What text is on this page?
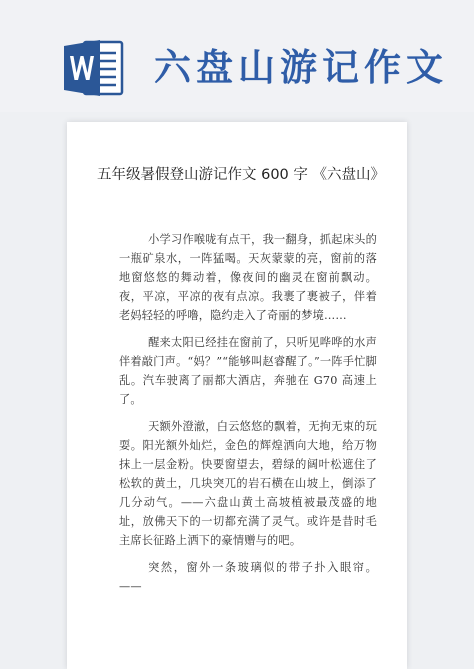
六盘山游记作文
五年级暑假登山游记作文 600 字 《六盘山》

小学习作喉咙有点干，我一翻身，抓起床头的一瓶矿泉水，一阵猛喝。天灰蒙蒙的亮，窗前的落地窗悠悠的舞动着，像夜间的幽灵在窗前飘动。夜，平凉，平凉的夜有点凉。我裹了裹被子，伴着老妈轻轻的呼噜，隐约走入了奇丽的梦境……

醒来太阳已经挂在窗前了，只听见哗哗的水声伴着敲门声。“妈？”“能够叫赵睿醒了。”一阵手忙脚乱。汽车驶离了丽都大酒店，奔驰在 G70 高速上了。

天额外澄澈，白云悠悠的飘着，无拘无束的玩耍。阳光额外灿烂，金色的辉煌洒向大地，给万物抹上一层金粉。快要窗望去，碧绿的阔叶松遮住了松软的黄土，几块突兀的岩石横在山坡上，倒添了几分动气。——六盘山黄土高坡植被最茂盛的地址，放佛天下的一切都充满了灵气。或许是昔时毛主席长征路上洒下的豪情赠与的吧。

突然，窗外一条玻璃似的带子扑入眼帘。 ——
